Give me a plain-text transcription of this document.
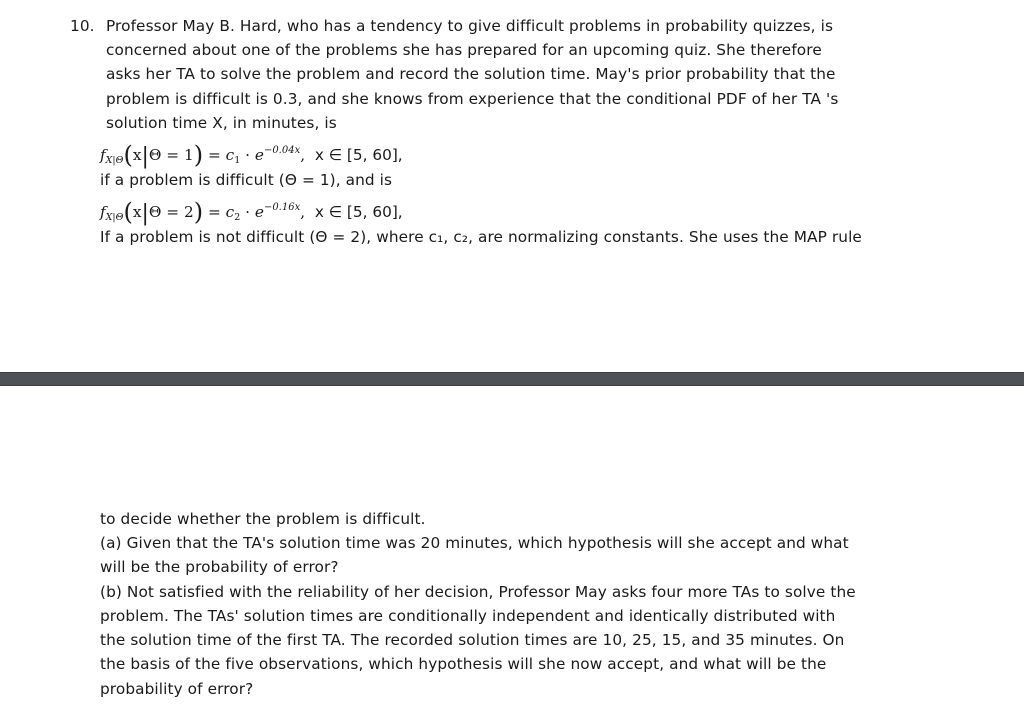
10. Professor May B. Hard, who has a tendency to give difficult problems in probability quizzes, is
concerned about one of the problems she has prepared for an upcoming quiz. She therefore
asks her TA to solve the problem and record the solution time. May's prior probability that the
problem is difficult is 0.3, and she knows from experience that the conditional PDF of her TA 's
solution time X, in minutes, is
$f_{X|\Theta}(x|\Theta = 1) = c_1 \cdot e^{-0.04x}$,  x ∈ [5, 60],
if a problem is difficult (Θ = 1), and is
$f_{X|\Theta}(x|\Theta = 2) = c_2 \cdot e^{-0.16x}$,  x ∈ [5, 60],
If a problem is not difficult (Θ = 2), where c₁, c₂, are normalizing constants. She uses the MAP rule
to decide whether the problem is difficult.
(a) Given that the TA's solution time was 20 minutes, which hypothesis will she accept and what
will be the probability of error?
(b) Not satisfied with the reliability of her decision, Professor May asks four more TAs to solve the
problem. The TAs' solution times are conditionally independent and identically distributed with
the solution time of the first TA. The recorded solution times are 10, 25, 15, and 35 minutes. On
the basis of the five observations, which hypothesis will she now accept, and what will be the
probability of error?
